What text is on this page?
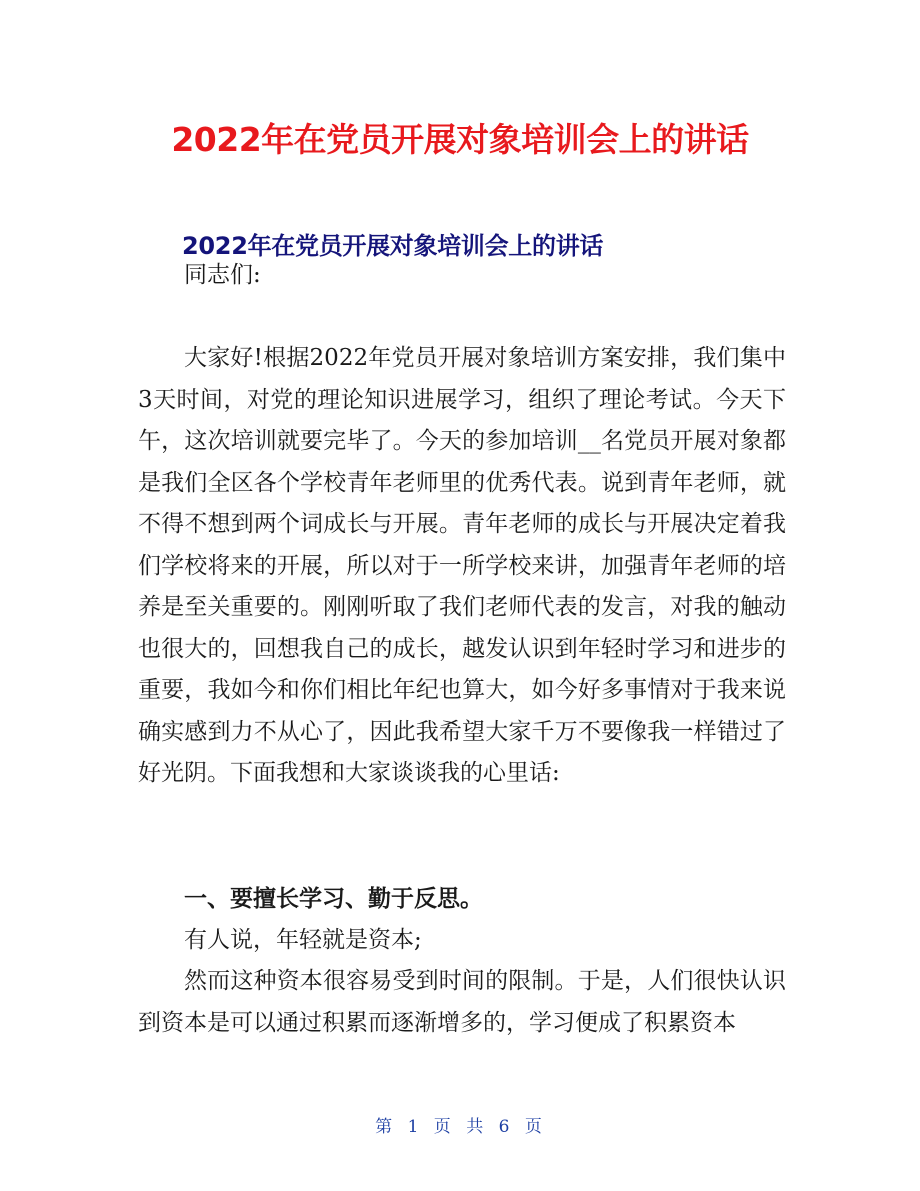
2022年在党员开展对象培训会上的讲话
2022年在党员开展对象培训会上的讲话

同志们:

大家好!根据2022年党员开展对象培训方案安排，我们集中3天时间，对党的理论知识进展学习，组织了理论考试。今天下午，这次培训就要完毕了。今天的参加培训__名党员开展对象都是我们全区各个学校青年老师里的优秀代表。说到青年老师，就不得不想到两个词成长与开展。青年老师的成长与开展决定着我们学校将来的开展，所以对于一所学校来讲，加强青年老师的培养是至关重要的。刚刚听取了我们老师代表的发言，对我的触动也很大的，回想我自己的成长，越发认识到年轻时学习和进步的重要，我如今和你们相比年纪也算大，如今好多事情对于我来说确实感到力不从心了，因此我希望大家千万不要像我一样错过了好光阴。下面我想和大家谈谈我的心里话:

一、要擅长学习、勤于反思。

有人说，年轻就是资本;

然而这种资本很容易受到时间的限制。于是，人们很快认识到资本是可以通过积累而逐渐增多的，学习便成了积累资本

第 1 页 共 6 页
